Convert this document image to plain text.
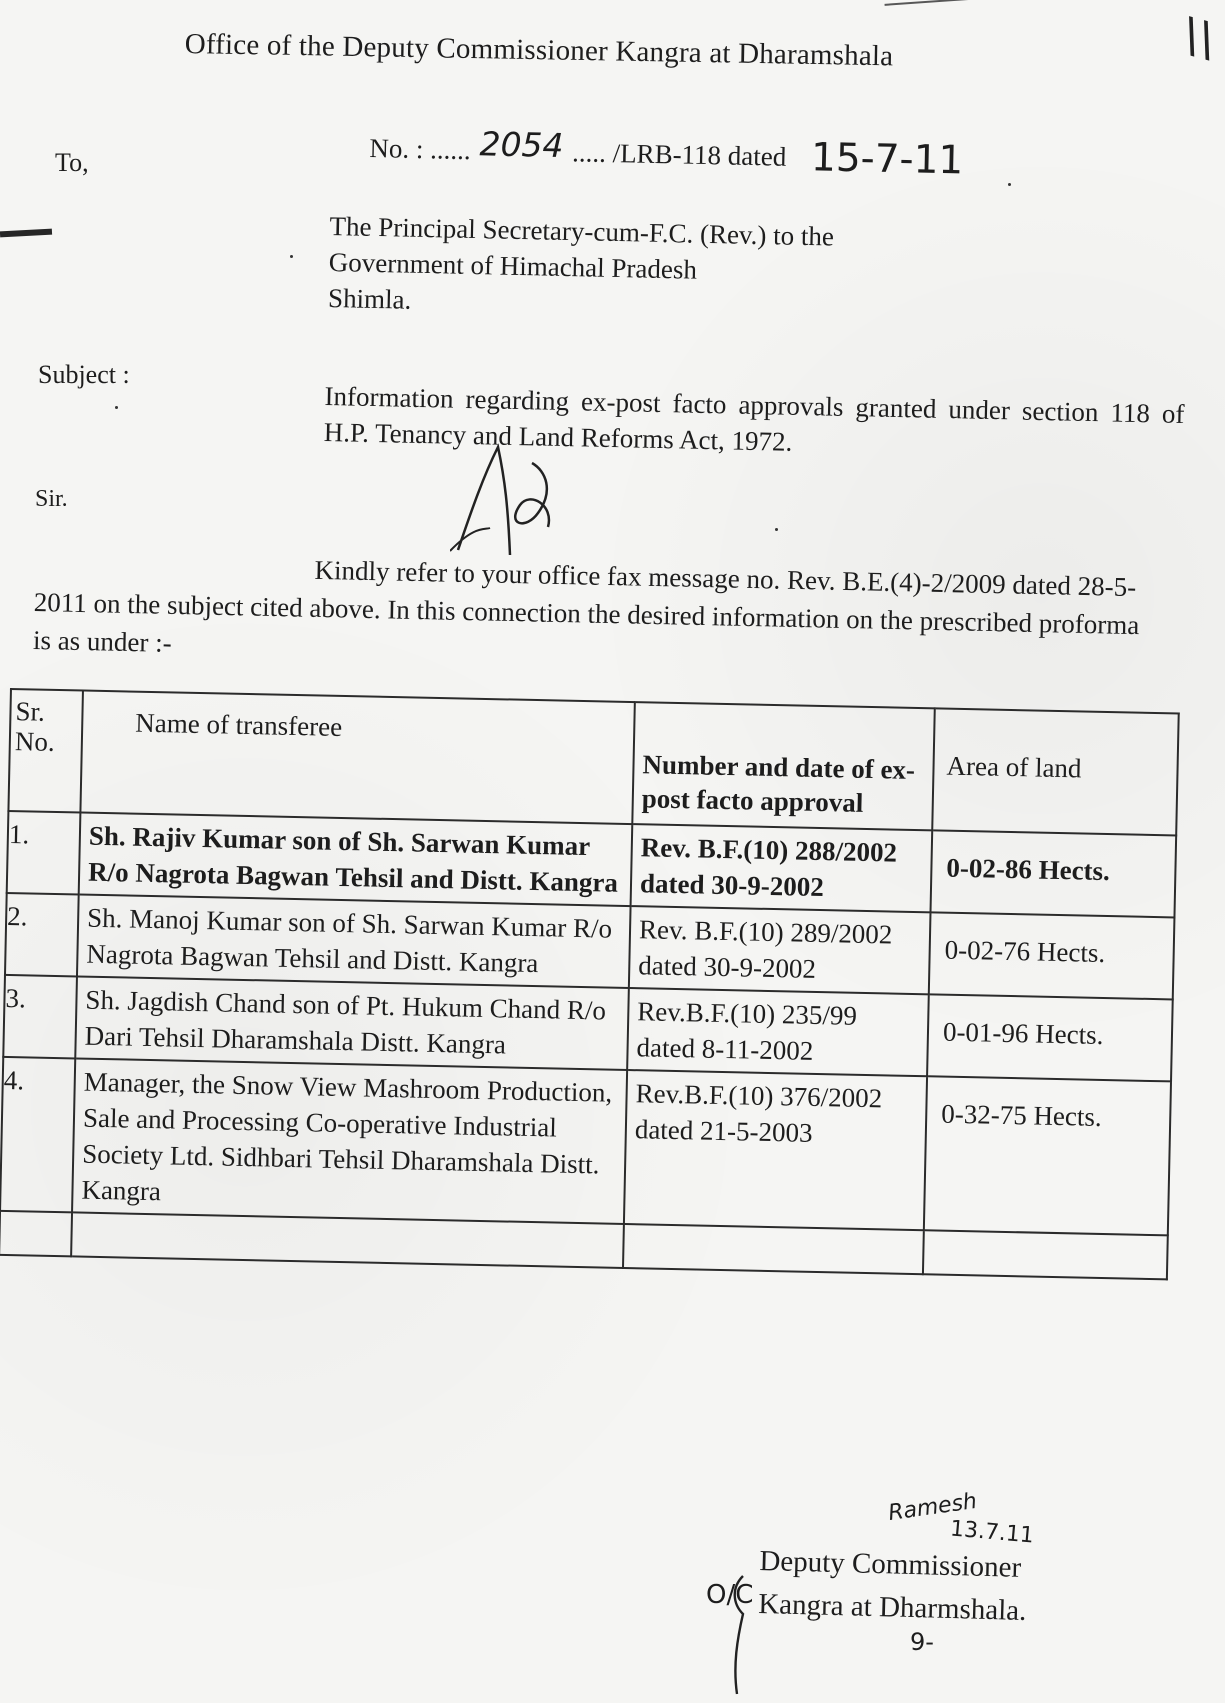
\\
Office of the Deputy Commissioner Kangra at Dharamshala
To,	No. : ...... 2054 ..... /LRB-118 dated 15-7-11
The Principal Secretary-cum-F.C. (Rev.) to the
Government of Himachal Pradesh
Shimla.
Subject :
Information regarding ex-post facto approvals granted under section 118 of H.P. Tenancy and Land Reforms Act, 1972.
Sir.
Kindly refer to your office fax message no. Rev. B.E.(4)-2/2009 dated 28-5-2011 on the subject cited above. In this connection the desired information on the prescribed proforma is as under :-
Sr. No.	Name of transferee	Number and date of ex-post facto approval	Area of land
1.	Sh. Rajiv Kumar son of Sh. Sarwan Kumar R/o Nagrota Bagwan Tehsil and Distt. Kangra	Rev. B.F.(10) 288/2002 dated 30-9-2002	0-02-86 Hects.
2.	Sh. Manoj Kumar son of Sh. Sarwan Kumar R/o Nagrota Bagwan Tehsil and Distt. Kangra	Rev. B.F.(10) 289/2002 dated 30-9-2002	0-02-76 Hects.
3.	Sh. Jagdish Chand son of Pt. Hukum Chand R/o Dari Tehsil Dharamshala Distt. Kangra	Rev.B.F.(10) 235/99 dated 8-11-2002	0-01-96 Hects.
4.	Manager, the Snow View Mashroom Production, Sale and Processing Co-operative Industrial Society Ltd. Sidhbari Tehsil Dharamshala Distt. Kangra	Rev.B.F.(10) 376/2002 dated 21-5-2003	0-32-75 Hects.

Ramesh
13.7.11
O/C
Deputy Commissioner
Kangra at Dharmshala.
9-
